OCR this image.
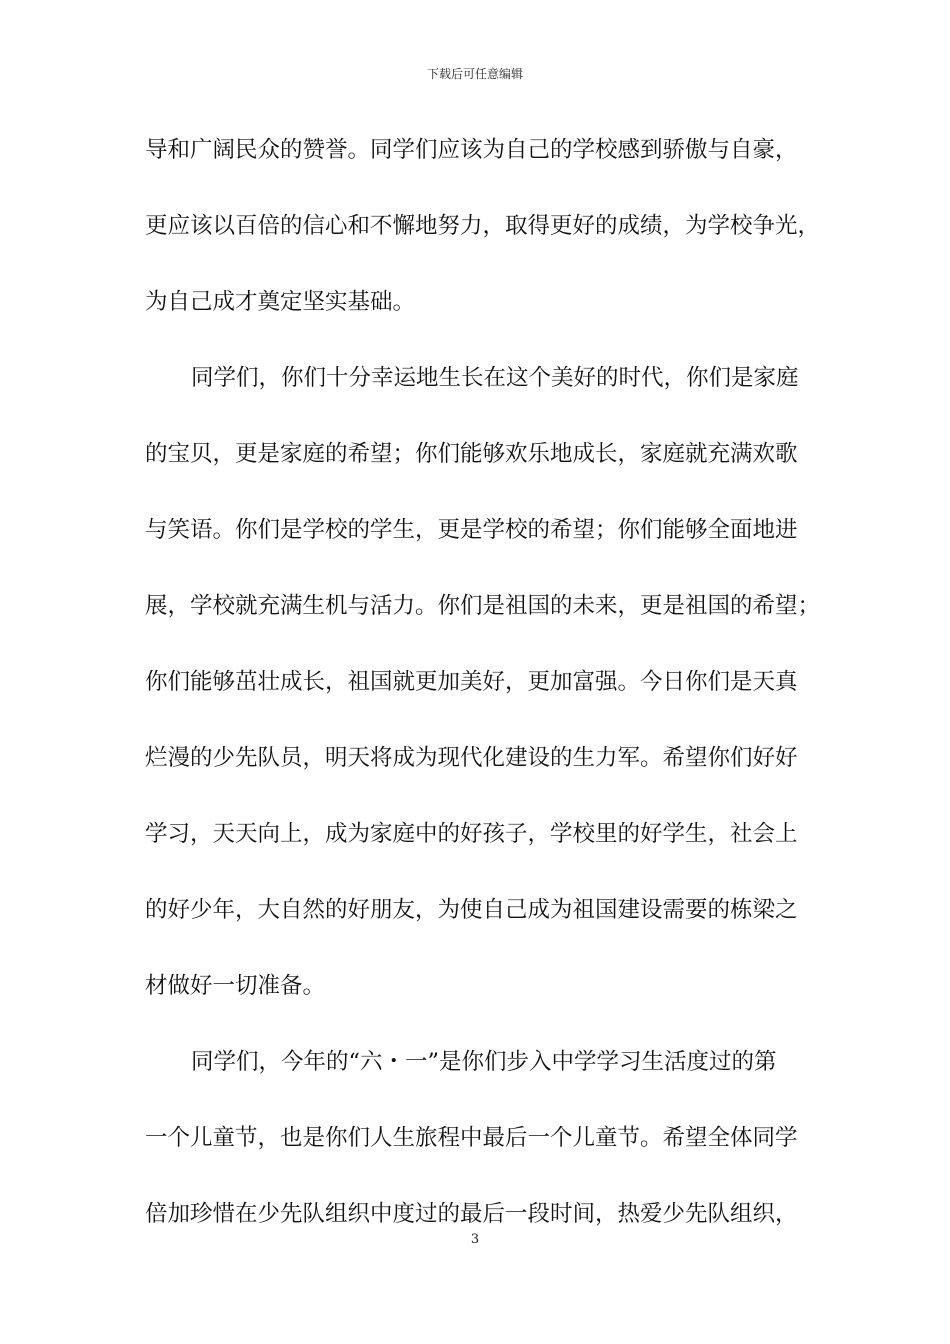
下载后可任意编辑
导和广阔民众的赞誉。同学们应该为自己的学校感到骄傲与自豪，
更应该以百倍的信心和不懈地努力，取得更好的成绩，为学校争光，
为自己成才奠定坚实基础。
同学们，你们十分幸运地生长在这个美好的时代，你们是家庭
的宝贝，更是家庭的希望；你们能够欢乐地成长，家庭就充满欢歌
与笑语。你们是学校的学生，更是学校的希望；你们能够全面地进
展，学校就充满生机与活力。你们是祖国的未来，更是祖国的希望；
你们能够茁壮成长，祖国就更加美好，更加富强。今日你们是天真
烂漫的少先队员，明天将成为现代化建设的生力军。希望你们好好
学习，天天向上，成为家庭中的好孩子，学校里的好学生，社会上
的好少年，大自然的好朋友，为使自己成为祖国建设需要的栋梁之
材做好一切准备。
同学们，今年的“六・一”是你们步入中学学习生活度过的第
一个儿童节，也是你们人生旅程中最后一个儿童节。希望全体同学
倍加珍惜在少先队组织中度过的最后一段时间，热爱少先队组织，
3
